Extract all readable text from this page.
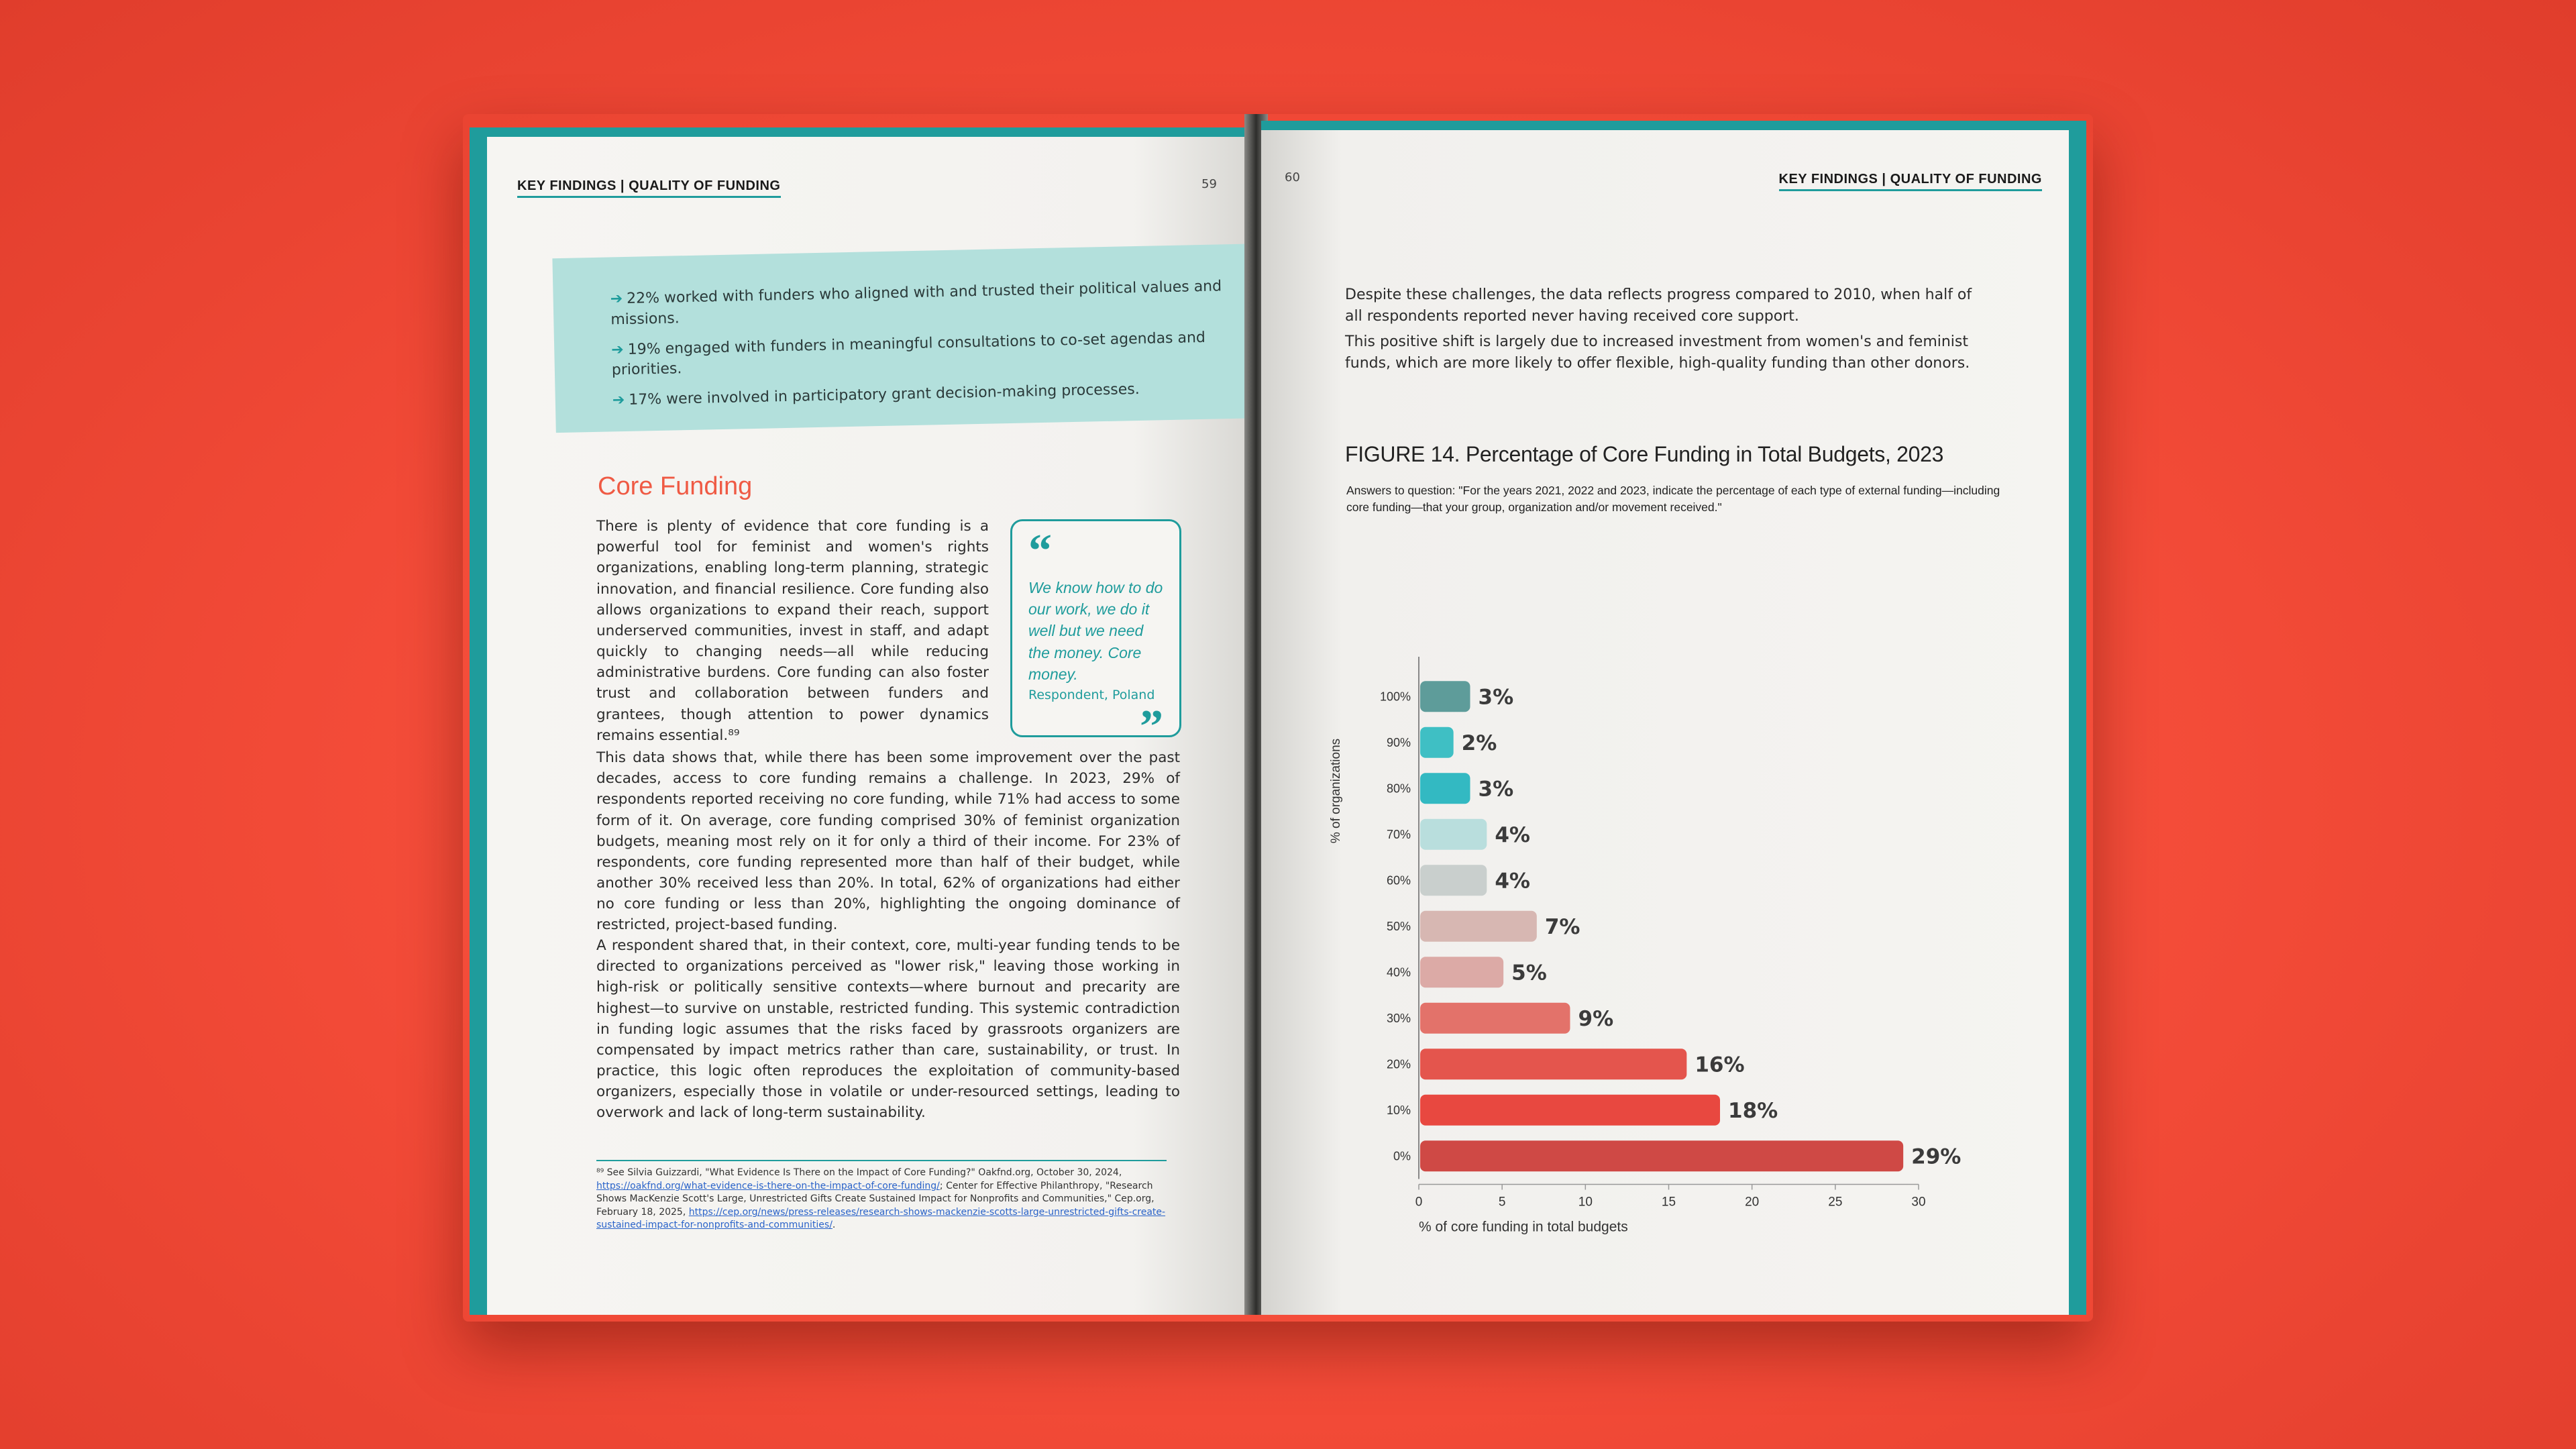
KEY FINDINGS | QUALITY OF FUNDING	59

➔ 22% worked with funders who aligned with and trusted their political values and missions.

➔ 19% engaged with funders in meaningful consultations to co-set agendas and priorities.

➔ 17% were involved in participatory grant decision-making processes.

Core Funding
There is plenty of evidence that core funding is a powerful tool for feminist and women's rights organizations, enabling long-term planning, strategic innovation, and financial resilience. Core funding also allows organizations to expand their reach, support underserved communities, invest in staff, and adapt quickly to changing needs—all while reducing administrative burdens. Core funding can also foster trust and collaboration between funders and grantees, though attention to power dynamics remains essential.⁸⁹
“
We know how to do our work, we do it well but we need the money. Core money.
Respondent, Poland
”
This data shows that, while there has been some improvement over the past decades, access to core funding remains a challenge. In 2023, 29% of respondents reported receiving no core funding, while 71% had access to some form of it. On average, core funding comprised 30% of feminist organization budgets, meaning most rely on it for only a third of their income. For 23% of respondents, core funding represented more than half of their budget, while another 30% received less than 20%. In total, 62% of organizations had either no core funding or less than 20%, highlighting the ongoing dominance of restricted, project-based funding.
A respondent shared that, in their context, core, multi-year funding tends to be directed to organizations perceived as "lower risk," leaving those working in high-risk or politically sensitive contexts—where burnout and precarity are highest—to survive on unstable, restricted funding. This systemic contradiction in funding logic assumes that the risks faced by grassroots organizers are compensated by impact metrics rather than care, sustainability, or trust. In practice, this logic often reproduces the exploitation of community-based organizers, especially those in volatile or under-resourced settings, leading to overwork and lack of long-term sustainability.
⁸⁹ See Silvia Guizzardi, "What Evidence Is There on the Impact of Core Funding?" Oakfnd.org, October 30, 2024, https://oakfnd.org/what-evidence-is-there-on-the-impact-of-core-funding/; Center for Effective Philanthropy, "Research Shows MacKenzie Scott's Large, Unrestricted Gifts Create Sustained Impact for Nonprofits and Communities," Cep.org, February 18, 2025, https://cep.org/news/press-releases/research-shows-mackenzie-scotts-large-unrestricted-gifts-create-sustained-impact-for-nonprofits-and-communities/.
60	KEY FINDINGS | QUALITY OF FUNDING
Despite these challenges, the data reflects progress compared to 2010, when half of all respondents reported never having received core support.
This positive shift is largely due to increased investment from women's and feminist funds, which are more likely to offer flexible, high-quality funding than other donors.
FIGURE 14. Percentage of Core Funding in Total Budgets, 2023
Answers to question: "For the years 2021, 2022 and 2023, indicate the percentage of each type of external funding—including core funding—that your group, organization and/or movement received."
% of organizations
100%	3%
90% 2%
80%	3%
70%	4%
60%	4%
50%	7%
40%	5%
30%	9%
20%	16%
10%	18%
0%	29%
0	5	10	15	20	25	30
% of core funding in total budgets
